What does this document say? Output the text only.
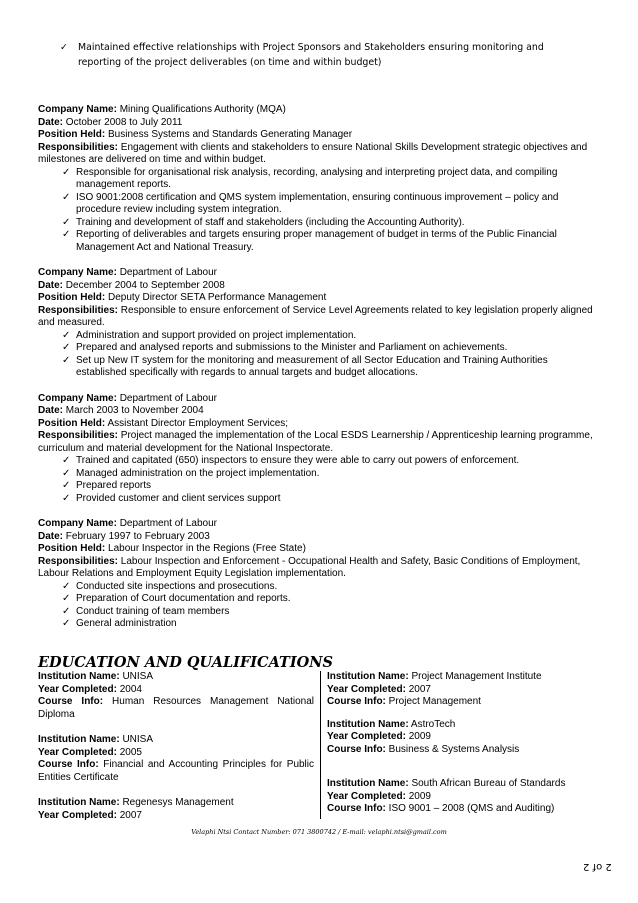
✓	Maintained effective relationships with Project Sponsors and Stakeholders ensuring monitoring and reporting of the project deliverables (on time and within budget)

Company Name: Mining Qualifications Authority (MQA)

Date: October 2008 to July 2011

Position Held: Business Systems and Standards Generating Manager

Responsibilities: Engagement with clients and stakeholders to ensure National Skills Development strategic objectives and milestones are delivered on time and within budget.

✓ Responsible for organisational risk analysis, recording, analysing and interpreting project data, and compiling management reports.
✓ ISO 9001:2008 certification and QMS system implementation, ensuring continuous improvement – policy and procedure review including system integration.
✓ Training and development of staff and stakeholders (including the Accounting Authority).
✓ Reporting of deliverables and targets ensuring proper management of budget in terms of the Public Financial Management Act and National Treasury.

Company Name: Department of Labour

Date: December 2004 to September 2008

Position Held: Deputy Director SETA Performance Management

Responsibilities: Responsible to ensure enforcement of Service Level Agreements related to key legislation properly aligned and measured.

✓ Administration and support provided on project implementation.
✓ Prepared and analysed reports and submissions to the Minister and Parliament on achievements.
✓ Set up New IT system for the monitoring and measurement of all Sector Education and Training Authorities established specifically with regards to annual targets and budget allocations.

Company Name: Department of Labour

Date: March 2003 to November 2004

Position Held: Assistant Director Employment Services;

Responsibilities: Project managed the implementation of the Local ESDS Learnership / Apprenticeship learning programme, curriculum and material development for the National Inspectorate.

✓ Trained and capitated (650) inspectors to ensure they were able to carry out powers of enforcement.
✓ Managed administration on the project implementation.
✓ Prepared reports
✓ Provided customer and client services support

Company Name: Department of Labour

Date: February 1997 to February 2003

Position Held: Labour Inspector in the Regions (Free State)

Responsibilities: Labour Inspection and Enforcement - Occupational Health and Safety, Basic Conditions of Employment, Labour Relations and Employment Equity Legislation implementation.

✓ Conducted site inspections and prosecutions.
✓ Preparation of Court documentation and reports.
✓ Conduct training of team members
✓ General administration
EDUCATION AND QUALIFICATIONS

Institution Name: UNISA

Year Completed: 2004

Course Info: Human Resources Management National Diploma

Institution Name: UNISA

Year Completed: 2005

Course Info: Financial and Accounting Principles for Public Entities Certificate

Institution Name: Regenesys Management

Year Completed: 2007

Institution Name: Project Management Institute

Year Completed: 2007

Course Info: Project Management

Institution Name: AstroTech

Year Completed: 2009

Course Info: Business & Systems Analysis

Institution Name: South African Bureau of Standards

Year Completed: 2009

Course Info: ISO 9001 – 2008 (QMS and Auditing)

Velaphi Ntsi Contact Number: 071 3800742 / E-mail: velaphi.ntsi@gmail.com
2 of 2
